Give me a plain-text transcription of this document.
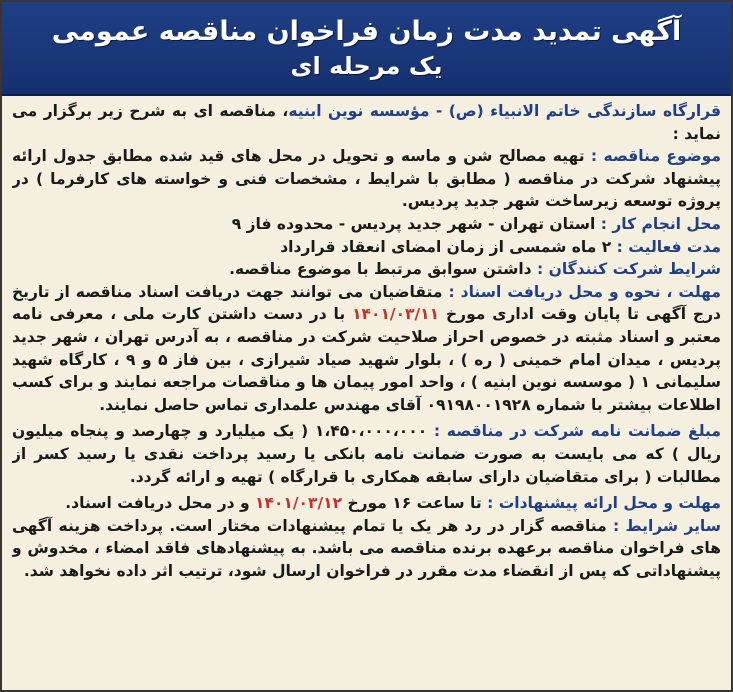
آگهی تمدید مدت زمان فراخوان مناقصه عمومی
یک مرحله ای

قرارگاه سازندگی خاتم الانبیاء (ص) - مؤسسه نوین ابنیه، مناقصه ای به شرح زیر برگزار می نماید :

موضوع مناقصه : تهیه مصالح شن و ماسه و تحویل در محل های قید شده مطابق جدول ارائه پیشنهاد شرکت در مناقصه ( مطابق با شرایط ، مشخصات فنی و خواسته های کارفرما ) در پروژه توسعه زیرساخت شهر جدید پردیس.

محل انجام کار : استان تهران - شهر جدید پردیس - محدوده فاز ۹

مدت فعالیت : ۲ ماه شمسی از زمان امضای انعقاد قرارداد

شرایط شرکت کنندگان : داشتن سوابق مرتبط با موضوع مناقصه.

مهلت ، نحوه و محل دریافت اسناد : متقاضیان می توانند جهت دریافت اسناد مناقصه از تاریخ درج آگهی تا پایان وقت اداری مورخ ۱۴۰۱/۰۳/۱۱ با در دست داشتن کارت ملی ، معرفی نامه معتبر و اسناد مثبته در خصوص احراز صلاحیت شرکت در مناقصه ، به آدرس تهران ، شهر جدید پردیس ، میدان امام خمینی ( ره ) ، بلوار شهید صیاد شیرازی ، بین فاز ۵ و ۹ ، کارگاه شهید سلیمانی ۱ ( موسسه نوین ابنیه ) ، واحد امور پیمان ها و مناقصات مراجعه نمایند و برای کسب اطلاعات بیشتر با شماره ۰۹۱۹۸۰۰۱۹۲۸ آقای مهندس علمداری تماس حاصل نمایند.

مبلغ ضمانت نامه شرکت در مناقصه : ۱،۴۵۰،۰۰۰،۰۰۰ ( یک میلیارد و چهارصد و پنجاه میلیون ریال ) که می بایست به صورت ضمانت نامه بانکی یا رسید پرداخت نقدی یا رسید کسر از مطالبات ( برای متقاضیان دارای سابقه همکاری با قرارگاه ) تهیه و ارائه گردد.

مهلت و محل ارائه پیشنهادات : تا ساعت ۱۶ مورخ ۱۴۰۱/۰۳/۱۲ و در محل دریافت اسناد.

سایر شرایط : مناقصه گزار در رد هر یک یا تمام پیشنهادات مختار است. پرداخت هزینه آگهی های فراخوان مناقصه برعهده برنده مناقصه می باشد. به پیشنهادهای فاقد امضاء ، مخدوش و پیشنهاداتی که پس از انقضاء مدت مقرر در فراخوان ارسال شود، ترتیب اثر داده نخواهد شد.
